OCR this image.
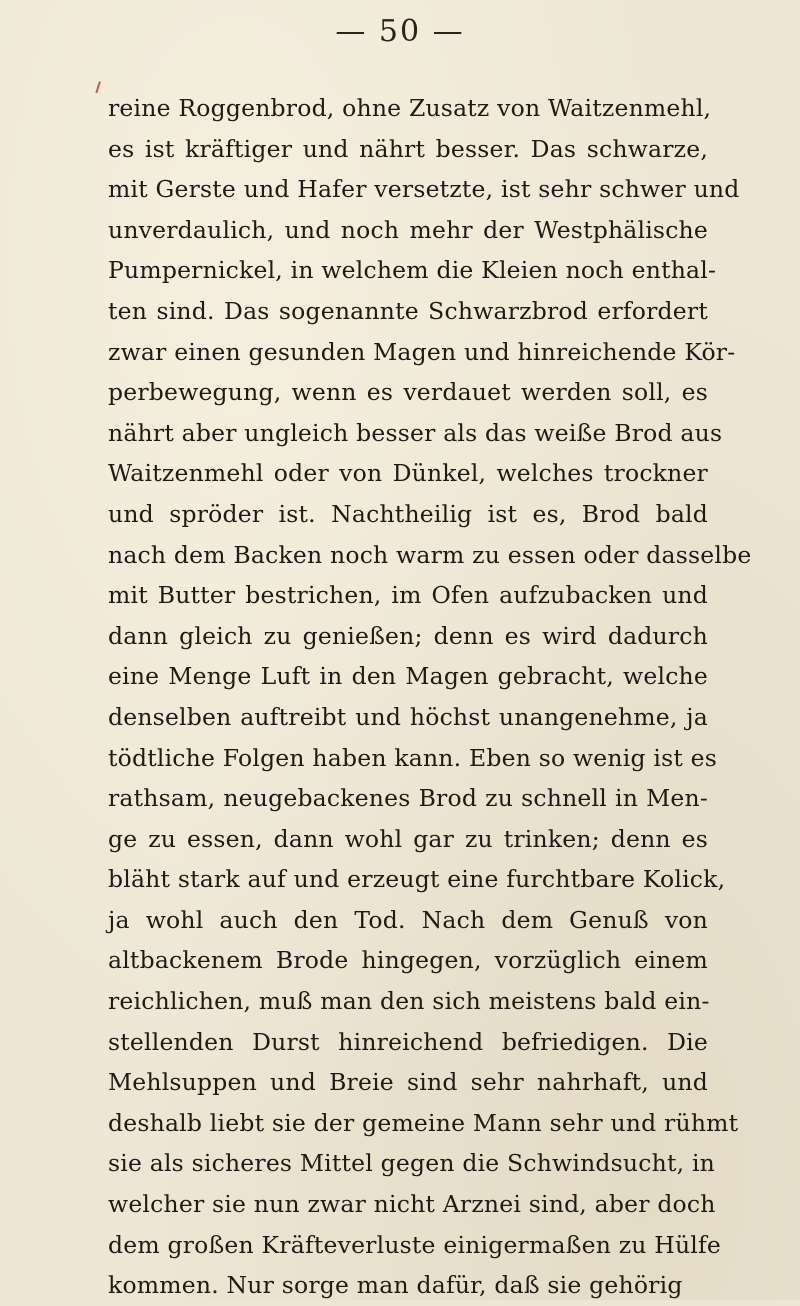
— 50 —
reine Roggenbrod, ohne Zusatz von Waitzenmehl,
es ist kräftiger und nährt besser. Das schwarze,
mit Gerste und Hafer versetzte, ist sehr schwer und
unverdaulich, und noch mehr der Westphälische
Pumpernickel, in welchem die Kleien noch enthal-
ten sind. Das sogenannte Schwarzbrod erfordert
zwar einen gesunden Magen und hinreichende Kör-
perbewegung, wenn es verdauet werden soll, es
nährt aber ungleich besser als das weiße Brod aus
Waitzenmehl oder von Dünkel, welches trockner
und spröder ist. Nachtheilig ist es, Brod bald
nach dem Backen noch warm zu essen oder dasselbe
mit Butter bestrichen, im Ofen aufzubacken und
dann gleich zu genießen; denn es wird dadurch
eine Menge Luft in den Magen gebracht, welche
denselben auftreibt und höchst unangenehme, ja
tödtliche Folgen haben kann. Eben so wenig ist es
rathsam, neugebackenes Brod zu schnell in Men-
ge zu essen, dann wohl gar zu trinken; denn es
bläht stark auf und erzeugt eine furchtbare Kolick,
ja wohl auch den Tod. Nach dem Genuß von
altbackenem Brode hingegen, vorzüglich einem
reichlichen, muß man den sich meistens bald ein-
stellenden Durst hinreichend befriedigen. Die
Mehlsuppen und Breie sind sehr nahrhaft, und
deshalb liebt sie der gemeine Mann sehr und rühmt
sie als sicheres Mittel gegen die Schwindsucht, in
welcher sie nun zwar nicht Arznei sind, aber doch
dem großen Kräfteverluste einigermaßen zu Hülfe
kommen. Nur sorge man dafür, daß sie gehörig
